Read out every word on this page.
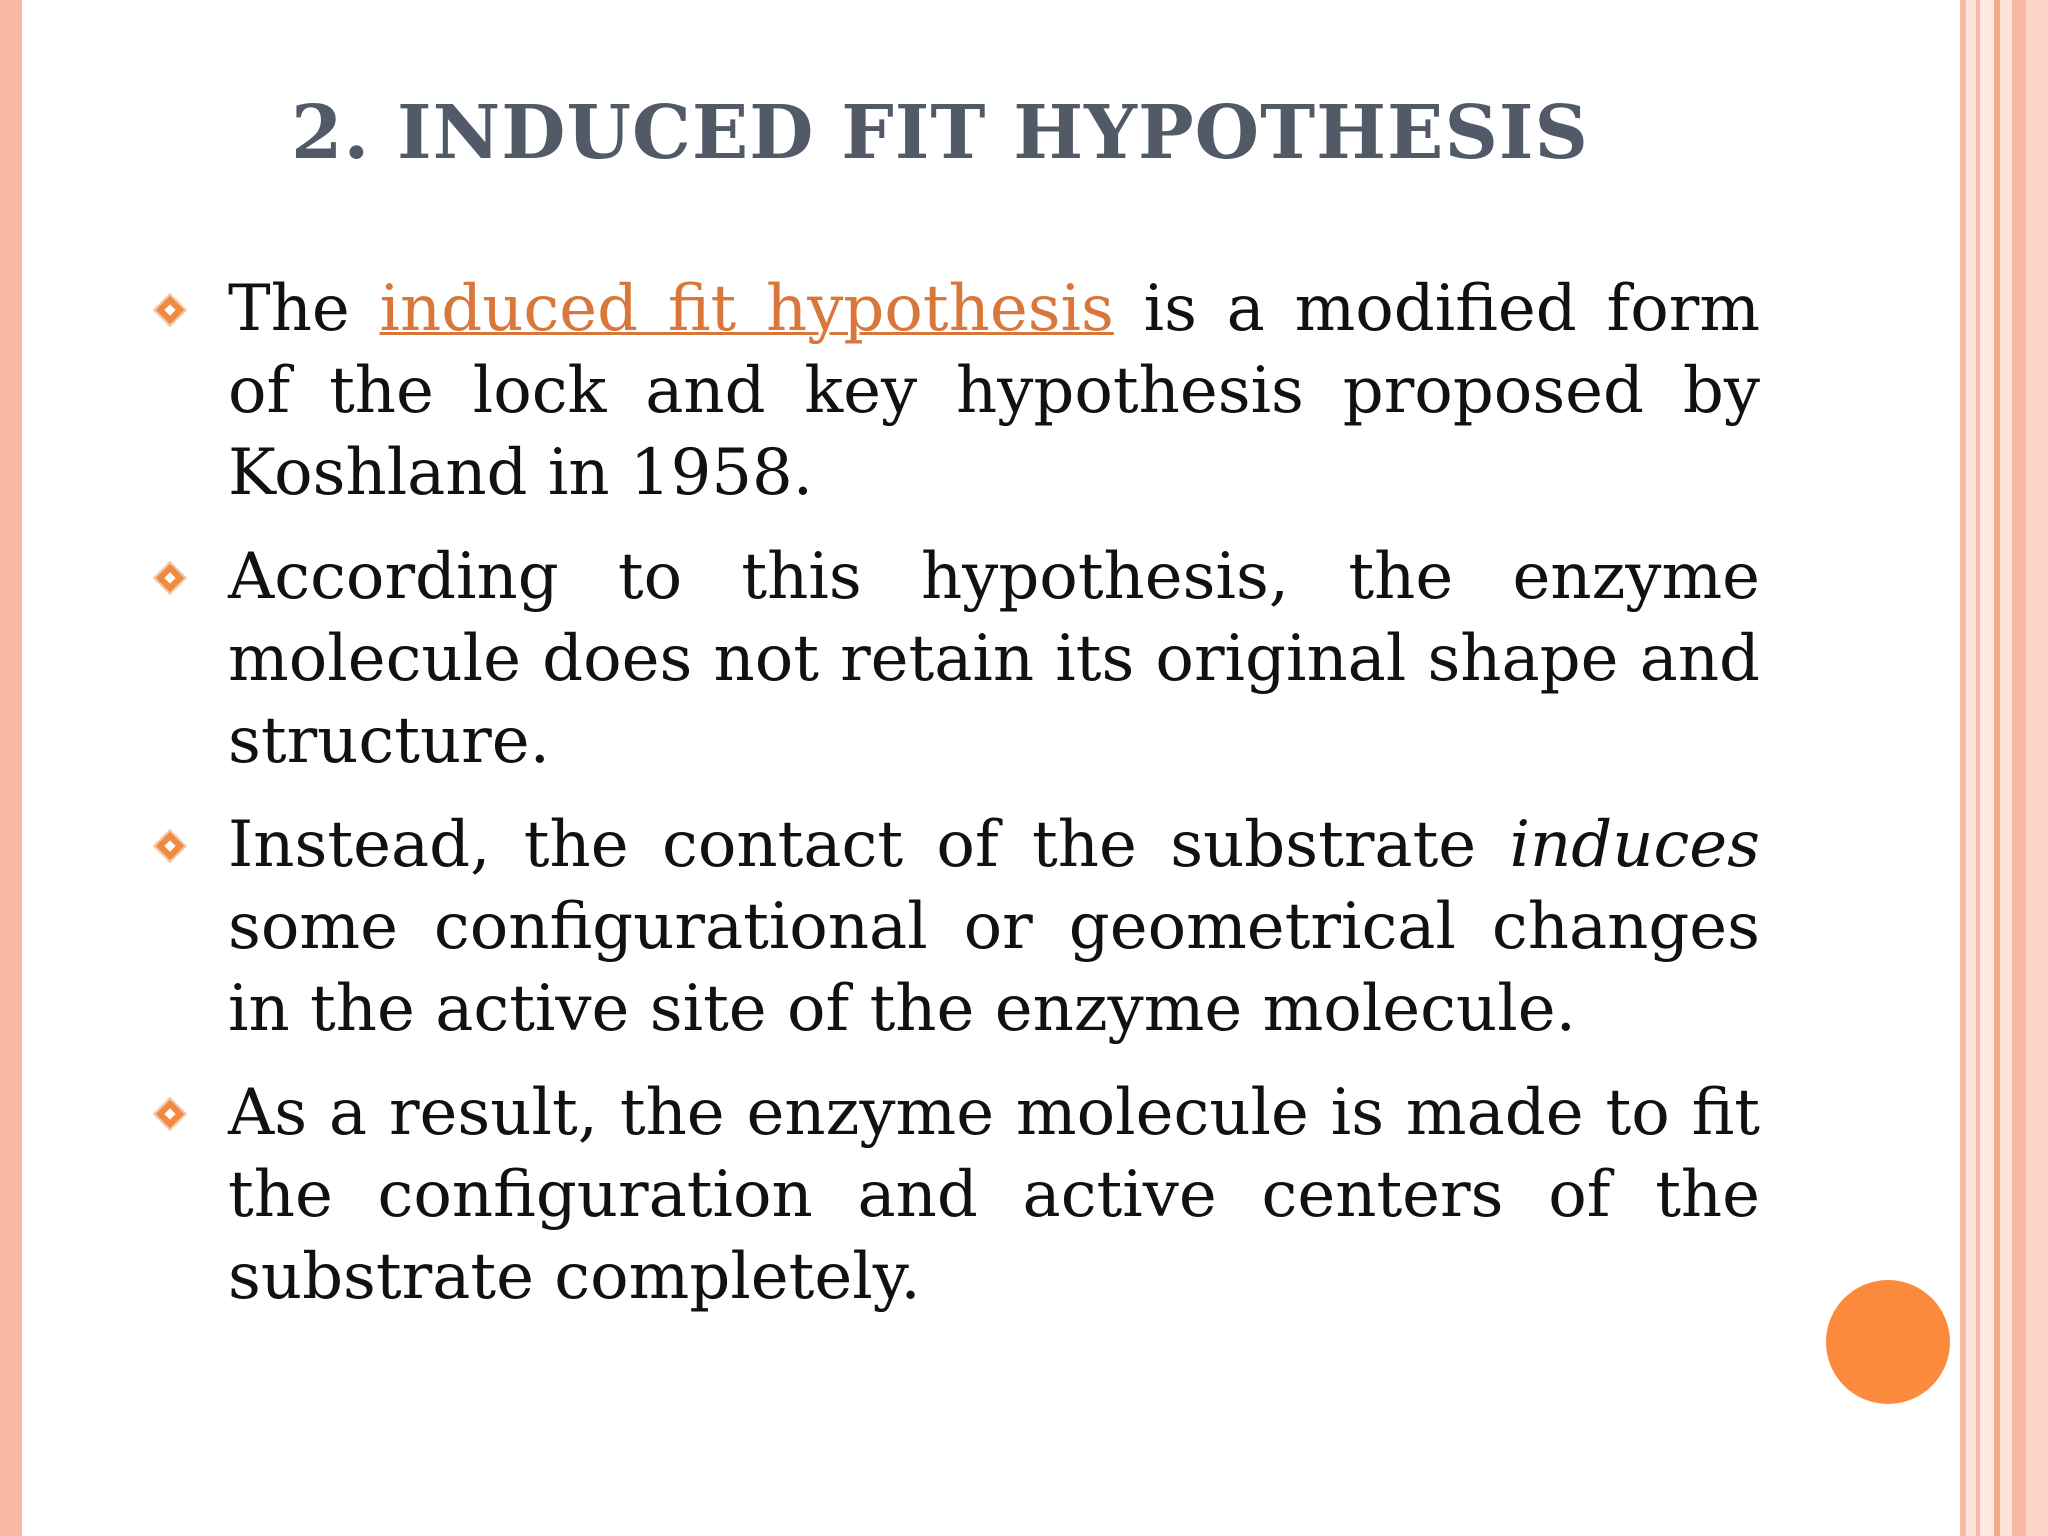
2. INDUCED FIT HYPOTHESIS
The induced fit hypothesis is a modified form of the lock and key hypothesis proposed by Koshland in 1958.
According to this hypothesis, the enzyme molecule does not retain its original shape and structure.
Instead, the contact of the substrate induces some configurational or geometrical changes in the active site of the enzyme molecule.
As a result, the enzyme molecule is made to fit the configuration and active centers of the substrate completely.
